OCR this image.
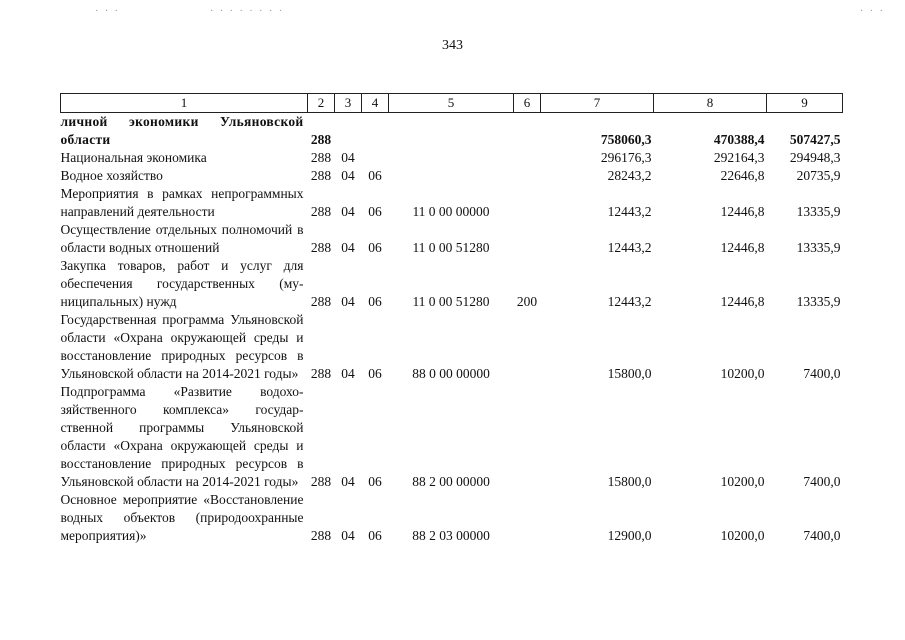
· · ·	· · · · · · · ·	· · ·
343
1	2	3	4	5	6	7	8	9
личной экономики Ульяновской области	288					758060,3	470388,4	507427,5
Национальная экономика	288	04				296176,3	292164,3	294948,3
Водное хозяйство	288	04	06			28243,2	22646,8	20735,9
Мероприятия в рамках непрограммных направлений деятельности	288	04	06	11 0 00 00000		12443,2	12446,8	13335,9
Осуществление отдельных полномочий в области водных отношений	288	04	06	11 0 00 51280		12443,2	12446,8	13335,9
Закупка товаров, работ и услуг для обеспечения государственных (муниципальных) нужд	288	04	06	11 0 00 51280	200	12443,2	12446,8	13335,9
Государственная программа Ульяновской области «Охрана окружающей среды и восстановление природных ресурсов в Ульяновской области на 2014-2021 годы»	288	04	06	88 0 00 00000		15800,0	10200,0	7400,0
Подпрограмма «Развитие водохозяйственного комплекса» государственной программы Ульяновской области «Охрана окружающей среды и восстановление природных ресурсов в Ульяновской области на 2014-2021 годы»	288	04	06	88 2 00 00000		15800,0	10200,0	7400,0
Основное мероприятие «Восстановление водных объектов (природоохранные мероприятия)»	288	04	06	88 2 03 00000		12900,0	10200,0	7400,0
